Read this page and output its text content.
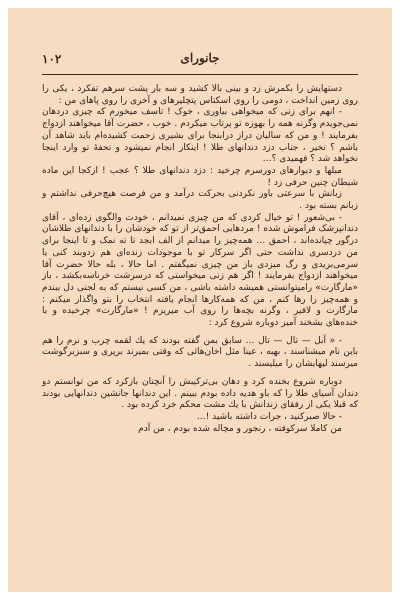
۱۰۲	جانورای

دستهایش را بکمرش زد و بینی بالا کشید و سه بار پشت سرهم تفکرد ، یکی را روی زمین انداخت ، دومی را روی اسکتاس پتچلیرهای و آخری را روی پاهای من :

- انهم برای زنی که میخواهی بیاوری ، خوک ! تاسف میخورم که چیزی دردهان نمی‌جویدم وگرنه همه را بهوزه تو پرتاب میکردم . خوب ، حضرت آقا میخواهند ازدواج بفرمایند ! و من که سالیان دراز درابنجا برای بشیری زحمت کشیده‌ام باید شاهد آن باشم ؟ نخیر ، جناب دزد دندانهای طلا ! اینکار انجام نمیشود و تحفهٔ تو وارد اینجا نخواهد شد ؟ فهمیدی ؟…

مبلها و دیوارهای دورسرم چرخید : دزد دندانهای طلا ؟ عجب ! ازکجا این ماده شیطان چنین حرفی زد !

زبانش با سرعتی باور نکردنی بحرکت درآمد و من فرصت هیچ‌حرفی نداشتم و زبانم بسته بود .

- بی‌شعور ! تو خیال کردی که من چیزی نمیدانم ، خودت والگوی زده‌ای ، آقای دندانپزشک فراموش شده ! مردهایی احمق‌تر از تو که خودشان را با دندانهای طلاشان درگور چپانده‌اند ، احمق … همه‌چیز را میدانم از الف ابجد تا ته نمک و تا اینجا برای من دردسری نداشت حتی اگر سرکار تو با موجودات زنده‌ای هم زدوبند کنی یا سرمی‌بریدی و رگ میزدی باز من چیزی نمیگفتم . اما حالا ، بله حالا حضرت آقا میخواهند ازدواج بفرمایند ! اگر هم زنی میخواستی که درسرشت خرناسه‌بکشد ، باز «مارگارت» رامیتوانستی همیشه داشته باشی ، من کسی نیستم که به لجنی دل ببندم و همه‌چیز را رها کنم ، من که همه‌کارها انجام یافته انتخاب را بتو واگذار میکنم : مارگارت و لافیر ، وگرنه بچه‌ها را روی آب میریزم ! «مارگارت» چرخیده و با خنده‌های بشخند آمیز دوباره شروع کرد :

- « آبل — تال — تال … سابق بمن گفته بودند که یك لقمه چرب و نرم را هم باین نام میشناسند ، بهبه ، عینا مثل اخان‌هائی که وقتی بمیرند برپری و سبزبرگوشت میرسند لیهایشان را میلیسند .

دوباره شروع بخنده کرد و دهان بی‌ترکیبش را آنچنان بازکرد که من توانستم دو دندان آسیای طلا را که باو هدیه داده بودم ببینم . این دندانها جانشین دندانهایی بودند که قبلا یکی از رفقای زندانش با یك مشت محکم خرد کرده بود .

- حالا صبرکنید ، جرات داشته باشید !…

من کاملا سرکوفته ، رنجور و مچاله شده بودم ، من آدم
